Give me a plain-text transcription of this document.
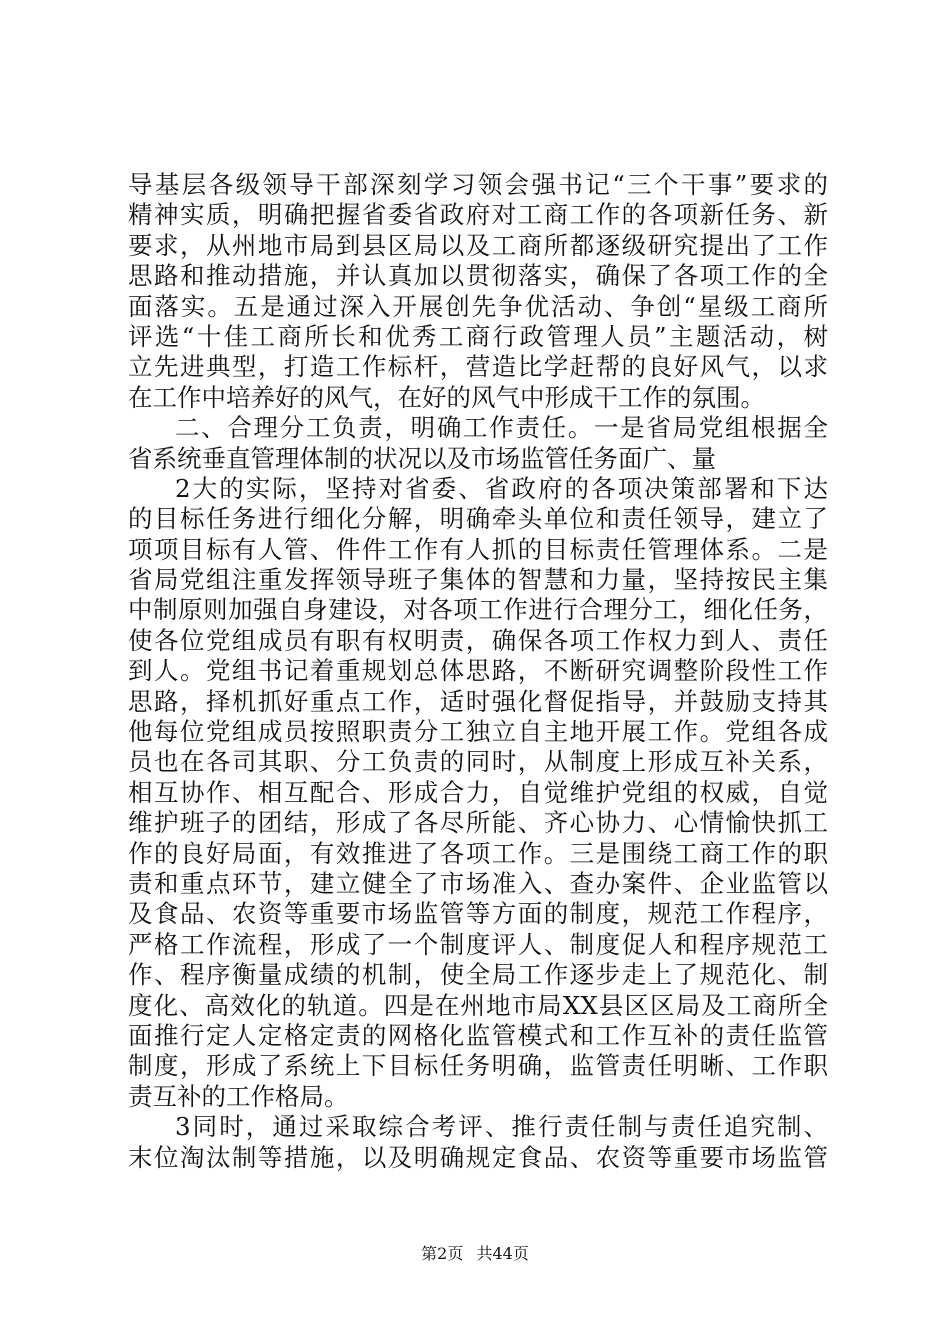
导基层各级领导干部深刻学习领会强书记“三个干事”要求的
精神实质，明确把握省委省政府对工商工作的各项新任务、新
要求，从州地市局到县区局以及工商所都逐级研究提出了工作
思路和推动措施，并认真加以贯彻落实，确保了各项工作的全
面落实。五是通过深入开展创先争优活动、争创“星级工商所
评选“十佳工商所长和优秀工商行政管理人员”主题活动，树
立先进典型，打造工作标杆，营造比学赶帮的良好风气，以求
在工作中培养好的风气，在好的风气中形成干工作的氛围。
二、合理分工负责，明确工作责任。一是省局党组根据全
省系统垂直管理体制的状况以及市场监管任务面广、量
2大的实际，坚持对省委、省政府的各项决策部署和下达
的目标任务进行细化分解，明确牵头单位和责任领导，建立了
项项目标有人管、件件工作有人抓的目标责任管理体系。二是
省局党组注重发挥领导班子集体的智慧和力量，坚持按民主集
中制原则加强自身建设，对各项工作进行合理分工，细化任务，
使各位党组成员有职有权明责，确保各项工作权力到人、责任
到人。党组书记着重规划总体思路，不断研究调整阶段性工作
思路，择机抓好重点工作，适时强化督促指导，并鼓励支持其
他每位党组成员按照职责分工独立自主地开展工作。党组各成
员也在各司其职、分工负责的同时，从制度上形成互补关系，
相互协作、相互配合、形成合力，自觉维护党组的权威，自觉
维护班子的团结，形成了各尽所能、齐心协力、心情愉快抓工
作的良好局面，有效推进了各项工作。三是围绕工商工作的职
责和重点环节，建立健全了市场准入、查办案件、企业监管以
及食品、农资等重要市场监管等方面的制度，规范工作程序，
严格工作流程，形成了一个制度评人、制度促人和程序规范工
作、程序衡量成绩的机制，使全局工作逐步走上了规范化、制
度化、高效化的轨道。四是在州地市局XX县区区局及工商所全
面推行定人定格定责的网格化监管模式和工作互补的责任监管
制度，形成了系统上下目标任务明确，监管责任明晰、工作职
责互补的工作格局。
3同时，通过采取综合考评、推行责任制与责任追究制、
末位淘汰制等措施，以及明确规定食品、农资等重要市场监管
第2页 共44页
